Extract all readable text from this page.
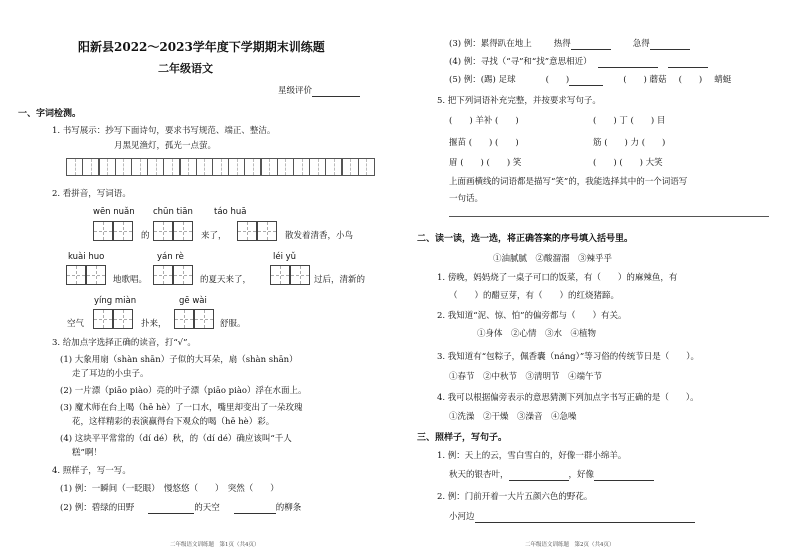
阳新县2022～2023学年度下学期期末训练题
二年级语文
星级评价
一、字词检测。
1. 书写展示：抄写下面诗句，要求书写规范、端正、整洁。
月黑见渔灯，孤光一点萤。
2. 看拼音，写词语。
wēn nuǎn chūn tiān táo huā
的	来了，	散发着清香，小鸟
kuài huo	yán rè	léi yǔ
地歌唱。	的夏天来了，	过后，清新的
yíng miàn	gē wài
空气	扑来，	舒服。
3. 给加点字选择正确的读音，打“√”。
(1) 大象用扇（shàn shān）子似的大耳朵，扇（shàn shān）
走了耳边的小虫子。
(2) 一片漂（piāo piào）亮的叶子漂（piāo piào）浮在水面上。
(3) 魔术师在台上喝（hē hè）了一口水，嘴里却变出了一朵玫瑰
花，这样精彩的表演赢得台下观众的喝（hē hè）彩。
(4) 这块平平常常的（dí dé）秋，的（dí dé）确应该叫“千人
糕”啊！
4. 照样子，写一写。
(1) 例：一瞬间（一眨眼）　慢悠悠（　　）　突然（　　）
(2) 例：碧绿的田野	的天空	的柳条
二年级语文训练题　第1页（共4页）
(3) 例：累得趴在地上	热得	急得
(4) 例：寻找（“寻”和“找”意思相近）
(5) 例：(踢) 足球	(　　)	(　　) 蘑菇 (　　) 蜻蜓
5. 把下列词语补充完整，并按要求写句子。
(　　) 羊补 (　　)	(　　) 丁 (　　) 目
揠苗 (　　) (　　)	筋 (　　) 力 (　　)
眉 (　　) (　　) 笑	(　　) (　　) 大笑
上面画横线的词语都是描写“笑”的，我能选择其中的一个词语写
一句话。
二、读一读，选一选，将正确答案的序号填入括号里。
①油腻腻　②酸溜溜　③辣乎乎
1. 傍晚，妈妈烧了一桌子可口的饭菜，有（　　）的麻辣鱼，有
（　　）的醋豆芽，有（　　）的红烧猪蹄。
2. 我知道“泥、惊、怕”的偏旁都与（　　）有关。
①身体　②心情　③水　④植物
3. 我知道有“包粽子，佩香囊（náng）”等习俗的传统节日是（　　）。
①春节　②中秋节　③清明节　④端午节
4. 我可以根据偏旁表示的意思猜测下列加点字书写正确的是（　　）。
①洗澡　②干燥　③澡音　④急噪
三、照样子，写句子。
1. 例：天上的云，雪白雪白的，好像一群小绵羊。
秋天的银杏叶，	，好像
2. 例：门前开着一大片五颜六色的野花。
小河边
二年级语文训练题　第2页（共4页）
